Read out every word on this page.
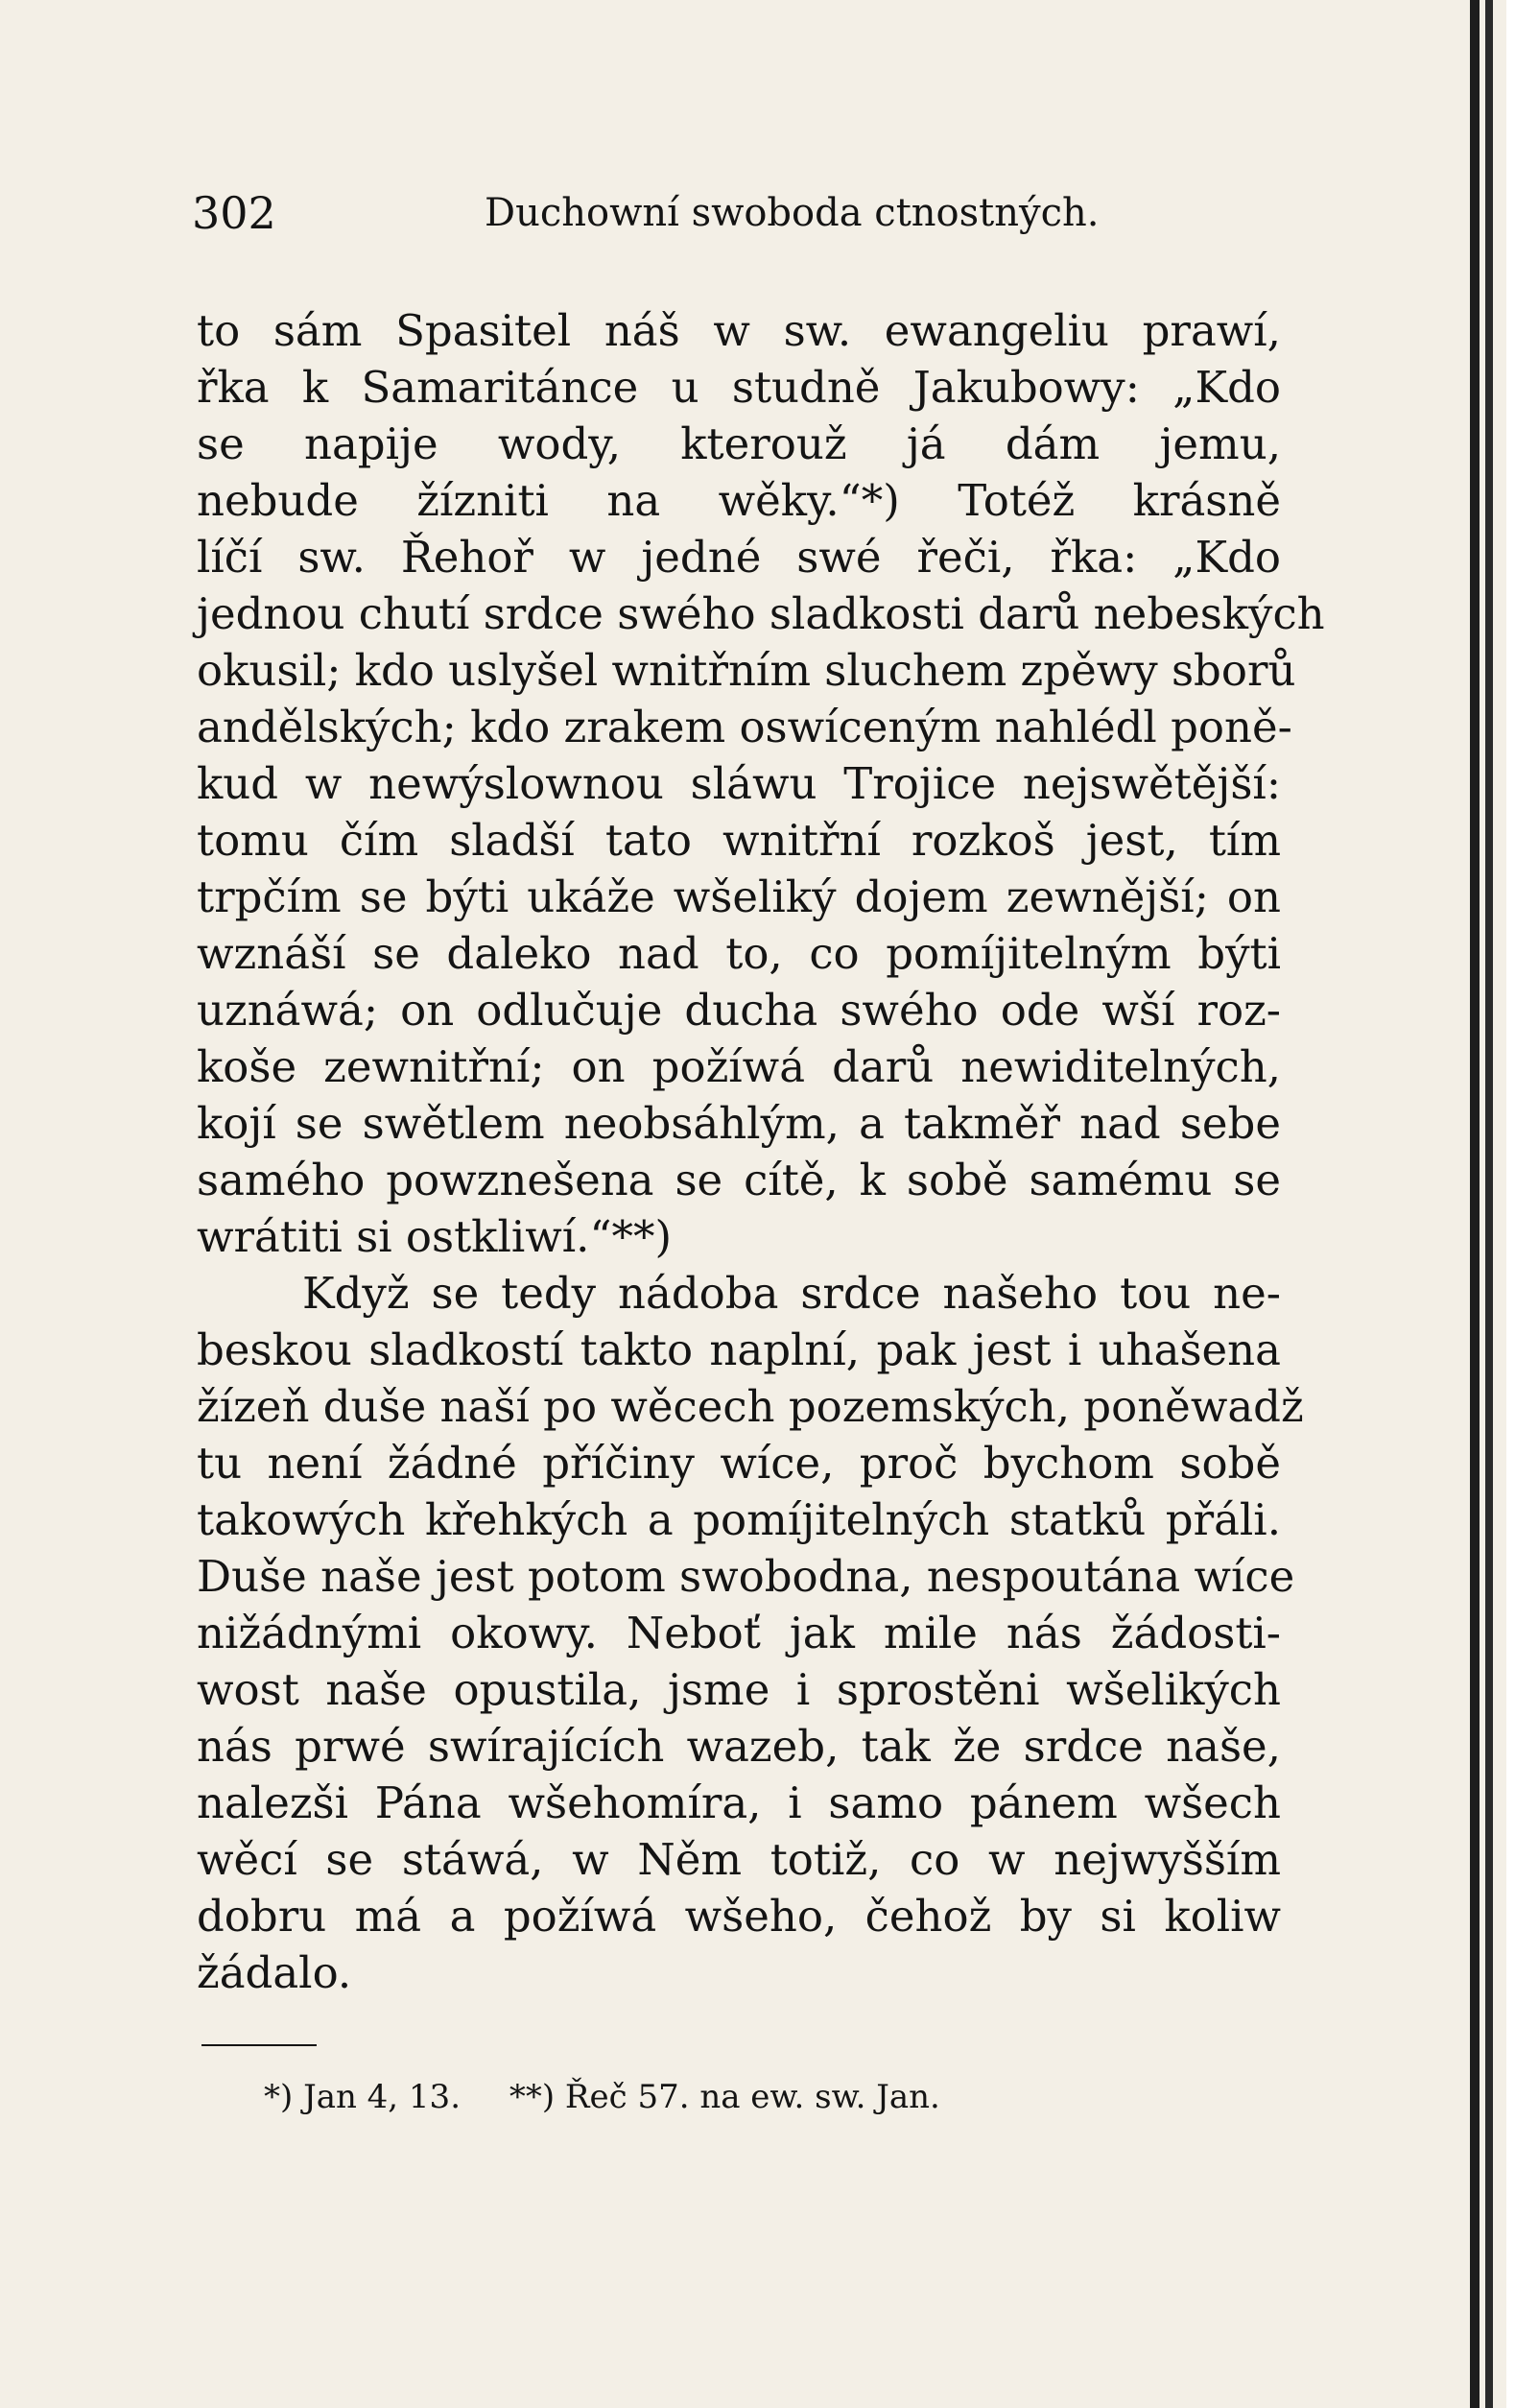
302	Duchowní swoboda ctnostných.
to sám Spasitel náš w sw. ewangeliu prawí,
řka k Samaritánce u studně Jakubowy: „Kdo
se napije wody, kterouž já dám jemu,
nebude žízniti na wěky.“*) Totéž krásně
líčí sw. Řehoř w jedné swé řeči, řka: „Kdo
jednou chutí srdce swého sladkosti darů nebeských
okusil; kdo uslyšel wnitřním sluchem zpěwy sborů
andělských; kdo zrakem oswíceným nahlédl poně-
kud w newýslownou sláwu Trojice nejswětější:
tomu čím sladší tato wnitřní rozkoš jest, tím
trpčím se býti ukáže wšeliký dojem zewnější; on
wznáší se daleko nad to, co pomíjitelným býti
uznáwá; on odlučuje ducha swého ode wší roz-
koše zewnitřní; on požíwá darů newiditelných,
kojí se swětlem neobsáhlým, a takměř nad sebe
samého powznešena se cítě, k sobě samému se
wrátiti si ostkliwí.“**)
Když se tedy nádoba srdce našeho tou ne-
beskou sladkostí takto naplní, pak jest i uhašena
žízeň duše naší po wěcech pozemských, poněwadž
tu není žádné příčiny wíce, proč bychom sobě
takowých křehkých a pomíjitelných statků přáli.
Duše naše jest potom swobodna, nespoutána wíce
nižádnými okowy. Neboť jak mile nás žádosti-
wost naše opustila, jsme i sprostěni wšelikých
nás prwé swírajících wazeb, tak že srdce naše,
nalezši Pána wšehomíra, i samo pánem wšech
wěcí se stáwá, w Něm totiž, co w nejwyšším
dobru má a požíwá wšeho, čehož by si koliw
žádalo.
*) Jan 4, 13. **) Řeč 57. na ew. sw. Jan.
